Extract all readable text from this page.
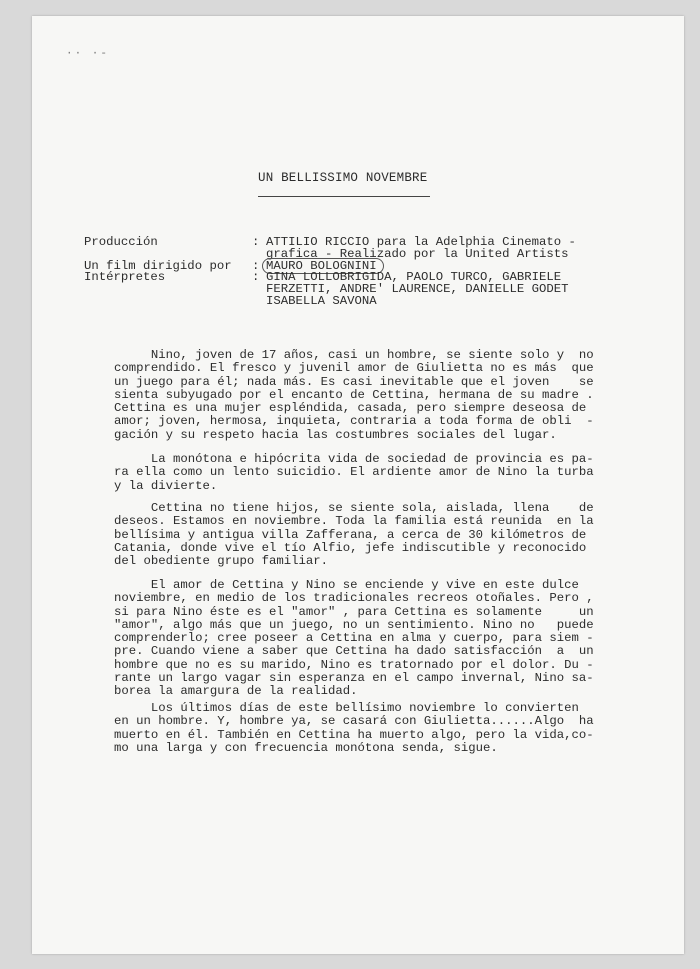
·· ·-
UN BELLISSIMO NOVEMBRE
Producción	: ATTILIO RICCIO para la Adelphia Cinemato -
grafica - Realizado por la United Artists
Un film dirigido por	: MAURO BOLOGNINI
Intérpretes	: GINA LOLLOBRIGIDA, PAOLO TURCO, GABRIELE
FERZETTI, ANDRE' LAURENCE, DANIELLE GODET
ISABELLA SAVONA
Nino, joven de 17 años, casi un hombre, se siente solo y  no
comprendido. El fresco y juvenil amor de Giulietta no es más  que
un juego para él; nada más. Es casi inevitable que el joven    se
sienta subyugado por el encanto de Cettina, hermana de su madre .
Cettina es una mujer espléndida, casada, pero siempre deseosa de
amor; joven, hermosa, inquieta, contraria a toda forma de obli  -
gación y su respeto hacia las costumbres sociales del lugar.
La monótona e hipócrita vida de sociedad de provincia es pa-
ra ella como un lento suicidio. El ardiente amor de Nino la turba
y la divierte.
Cettina no tiene hijos, se siente sola, aislada, llena    de
deseos. Estamos en noviembre. Toda la familia está reunida  en la
bellísima y antigua villa Zafferana, a cerca de 30 kilómetros de
Catania, donde vive el tío Alfio, jefe indiscutible y reconocido
del obediente grupo familiar.
El amor de Cettina y Nino se enciende y vive en este dulce
noviembre, en medio de los tradicionales recreos otoñales. Pero ,
si para Nino éste es el "amor" , para Cettina es solamente     un
"amor", algo más que un juego, no un sentimiento. Nino no   puede
comprenderlo; cree poseer a Cettina en alma y cuerpo, para siem -
pre. Cuando viene a saber que Cettina ha dado satisfacción  a  un
hombre que no es su marido, Nino es tratornado por el dolor. Du -
rante un largo vagar sin esperanza en el campo invernal, Nino sa-
borea la amargura de la realidad.
Los últimos días de este bellísimo noviembre lo convierten
en un hombre. Y, hombre ya, se casará con Giulietta......Algo  ha
muerto en él. También en Cettina ha muerto algo, pero la vida,co-
mo una larga y con frecuencia monótona senda, sigue.
